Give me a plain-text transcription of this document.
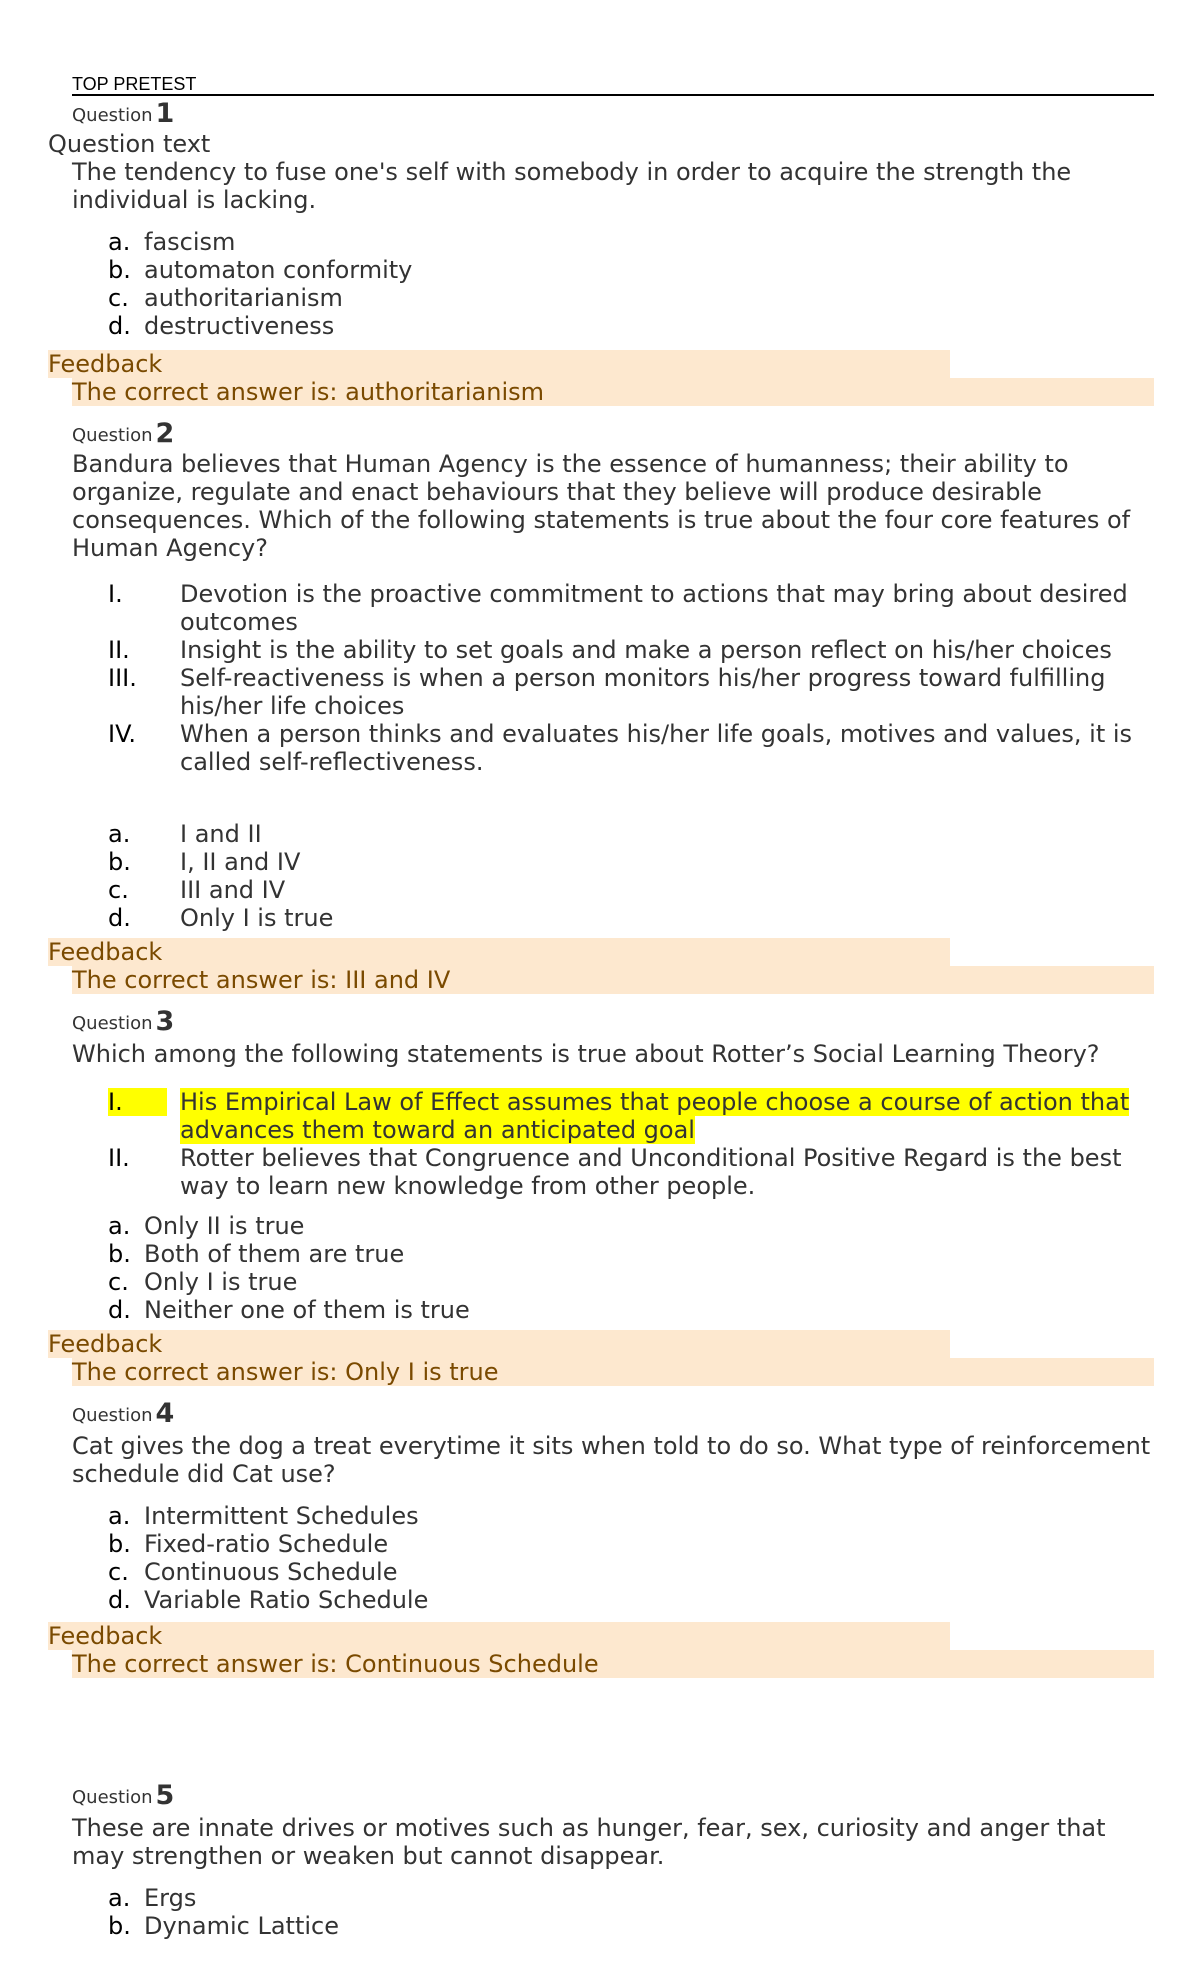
TOP PRETEST
Question 1
Question text
The tendency to fuse one's self with somebody in order to acquire the strength the individual is lacking.
a. fascism
b. automaton conformity
c. authoritarianism
d. destructiveness
Feedback
The correct answer is: authoritarianism
Question 2
Bandura believes that Human Agency is the essence of humanness; their ability to organize, regulate and enact behaviours that they believe will produce desirable consequences. Which of the following statements is true about the four core features of Human Agency?
I. Devotion is the proactive commitment to actions that may bring about desired outcomes
II. Insight is the ability to set goals and make a person reflect on his/her choices
III. Self-reactiveness is when a person monitors his/her progress toward fulfilling his/her life choices
IV. When a person thinks and evaluates his/her life goals, motives and values, it is called self-reflectiveness.
a. I and II
b. I, II and IV
c. III and IV
d. Only I is true
Feedback
The correct answer is: III and IV
Question 3
Which among the following statements is true about Rotter’s Social Learning Theory?
I.	His Empirical Law of Effect assumes that people choose a course of action that advances them toward an anticipated goal
II. Rotter believes that Congruence and Unconditional Positive Regard is the best way to learn new knowledge from other people.
a. Only II is true
b. Both of them are true
c. Only I is true
d. Neither one of them is true
Feedback
The correct answer is: Only I is true
Question 4
Cat gives the dog a treat everytime it sits when told to do so. What type of reinforcement schedule did Cat use?
a. Intermittent Schedules
b. Fixed-ratio Schedule
c. Continuous Schedule
d. Variable Ratio Schedule
Feedback
The correct answer is: Continuous Schedule
Question 5
These are innate drives or motives such as hunger, fear, sex, curiosity and anger that may strengthen or weaken but cannot disappear.
a. Ergs
b. Dynamic Lattice
